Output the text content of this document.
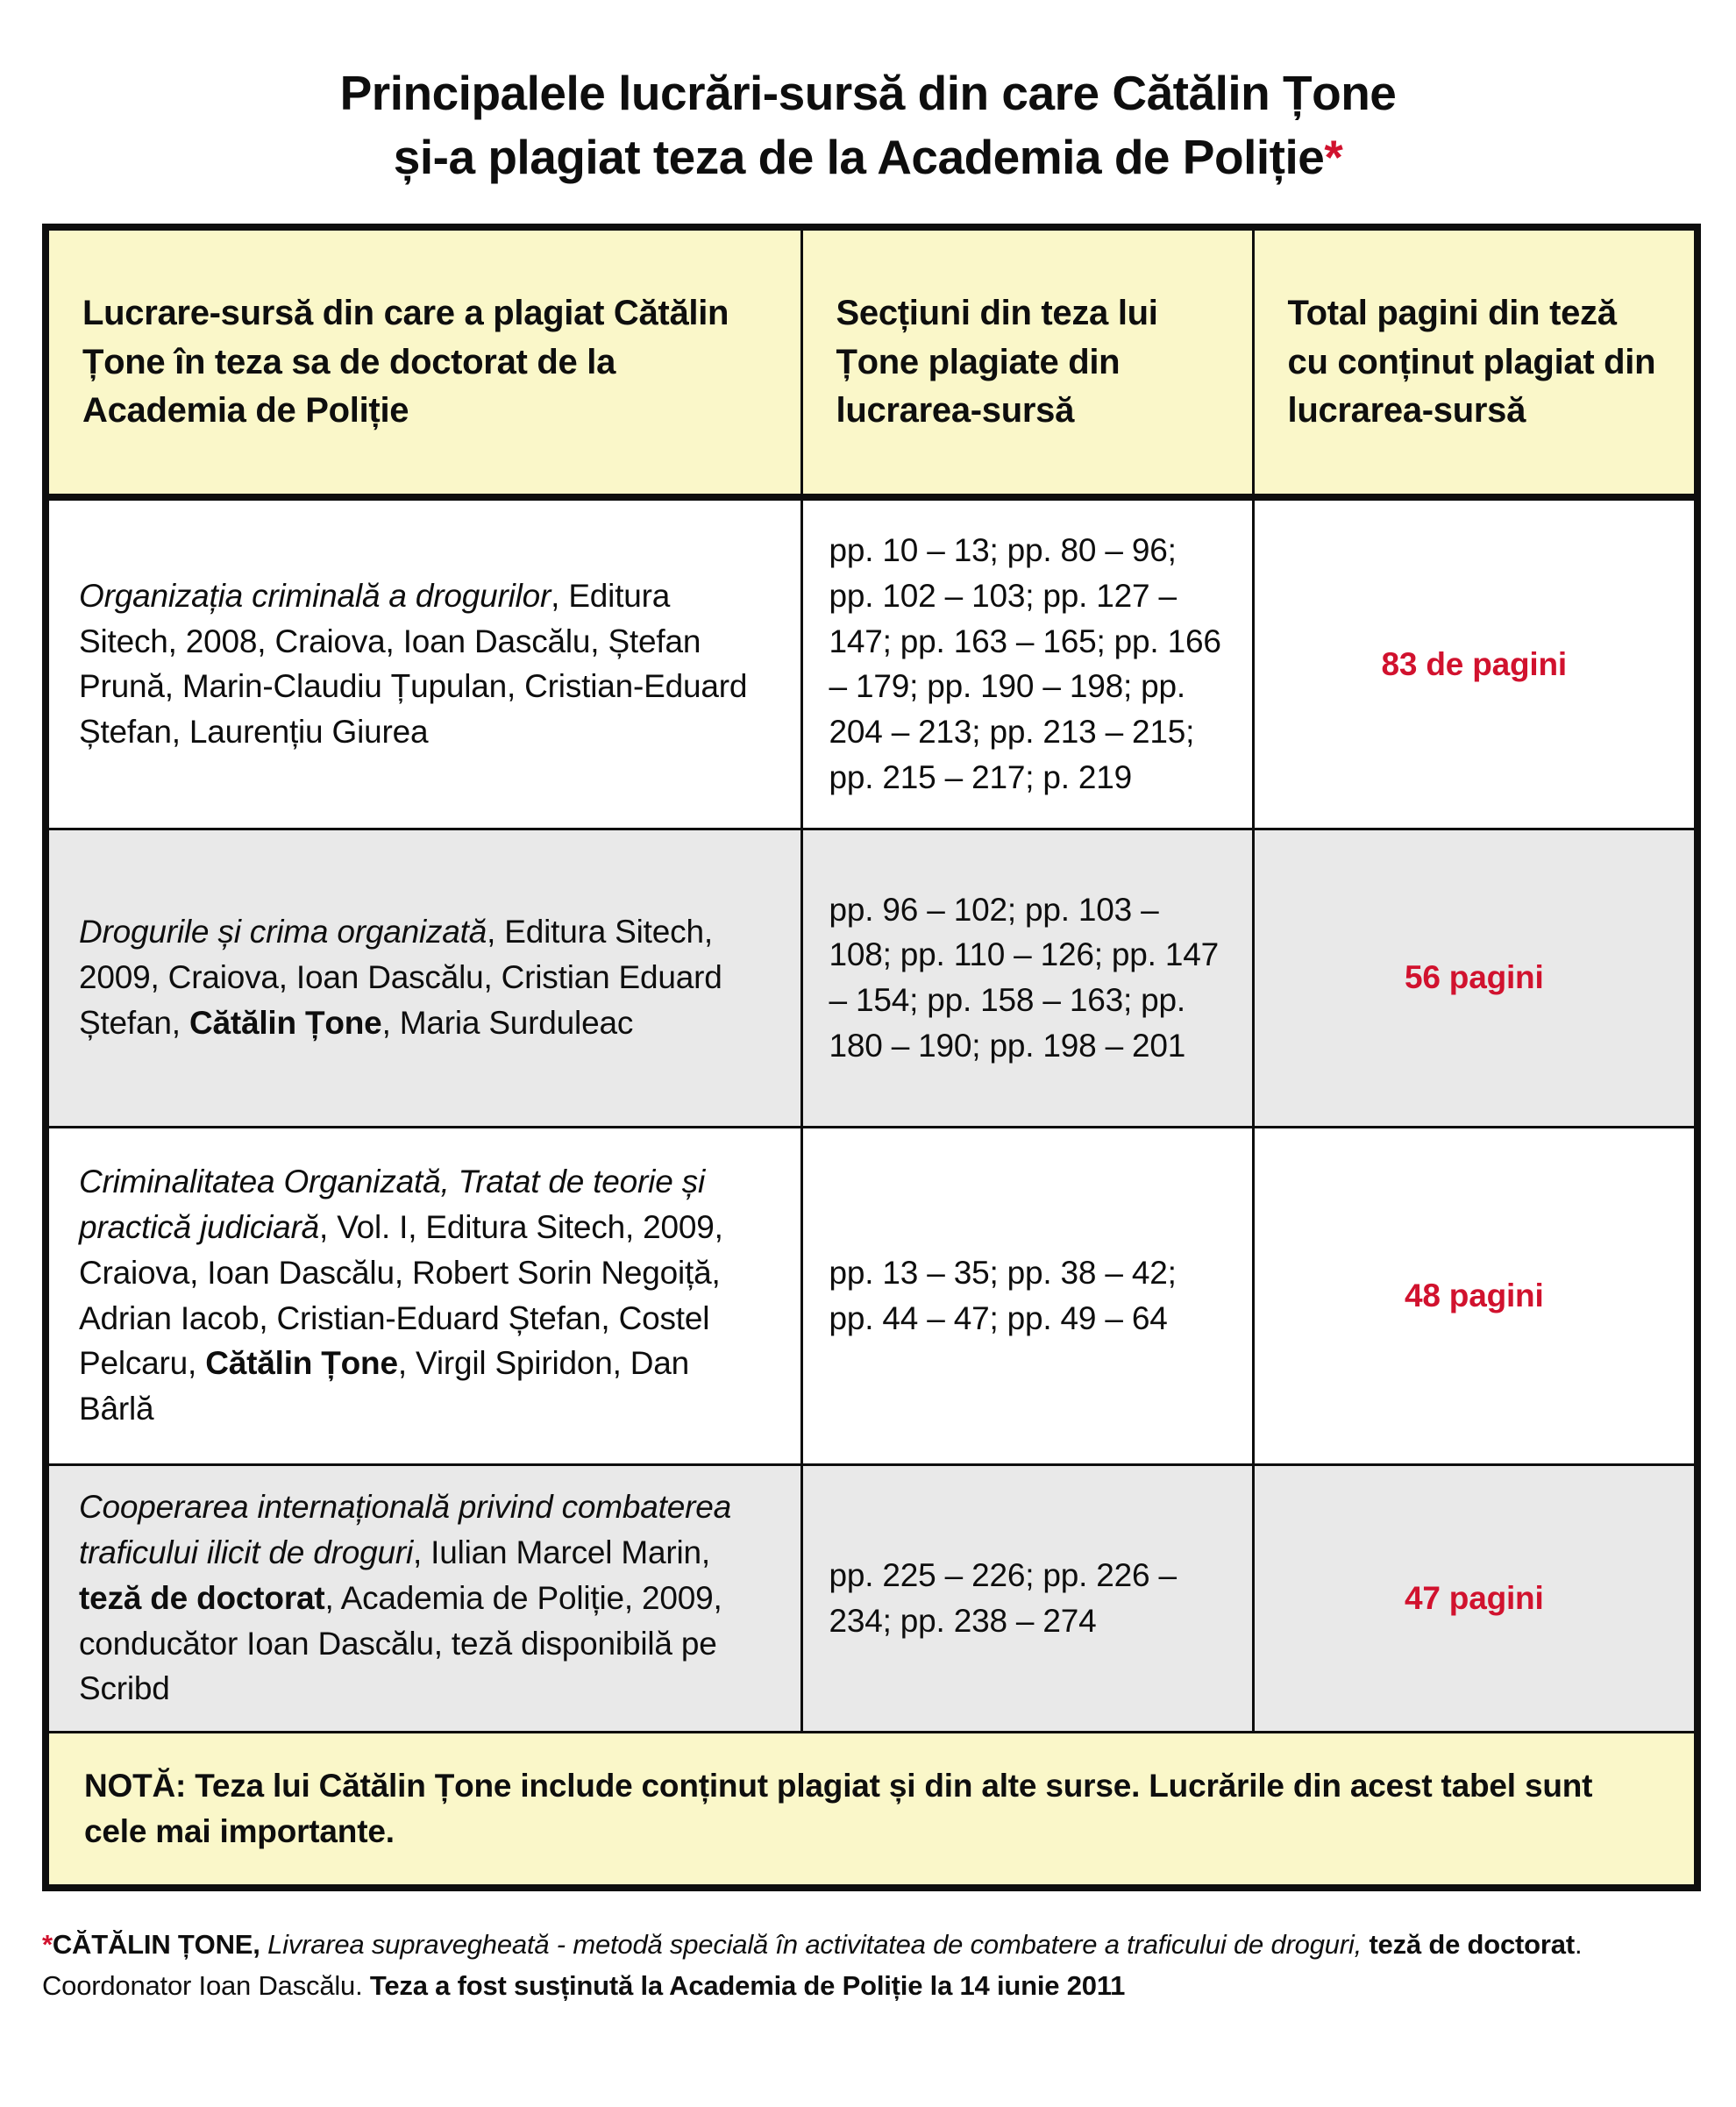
Principalele lucrări-sursă din care Cătălin Țone
și-a plagiat teza de la Academia de Poliție*
Lucrare-sursă din care a plagiat Cătălin Țone în teza sa de doctorat de la Academia de Poliție	Secțiuni din teza lui Țone plagiate din lucrarea-sursă	Total pagini din teză cu conținut plagiat din lucrarea-sursă
Organizația criminală a drogurilor, Editura Sitech, 2008, Craiova, Ioan Dascălu, Ștefan Prună, Marin-Claudiu Țupulan, Cristian-Eduard Ștefan, Laurențiu Giurea	pp. 10 – 13; pp. 80 – 96; pp. 102 – 103; pp. 127 – 147; pp. 163 – 165; pp. 166 – 179; pp. 190 – 198; pp. 204 – 213; pp. 213 – 215; pp. 215 – 217; p. 219	83 de pagini
Drogurile și crima organizată, Editura Sitech, 2009, Craiova, Ioan Dascălu, Cristian Eduard Ștefan, Cătălin Țone, Maria Surduleac	pp. 96 – 102; pp. 103 – 108; pp. 110 – 126; pp. 147 – 154; pp. 158 – 163; pp. 180 – 190; pp. 198 – 201	56 pagini
Criminalitatea Organizată, Tratat de teorie și practică judiciară, Vol. I, Editura Sitech, 2009, Craiova, Ioan Dascălu, Robert Sorin Negoiță, Adrian Iacob, Cristian-Eduard Ștefan, Costel Pelcaru, Cătălin Țone, Virgil Spiridon, Dan Bârlă	pp. 13 – 35; pp. 38 – 42; pp. 44 – 47; pp. 49 – 64	48 pagini
Cooperarea internațională privind combaterea traficului ilicit de droguri, Iulian Marcel Marin, teză de doctorat, Academia de Poliție, 2009, conducător Ioan Dascălu, teză disponibilă pe Scribd	pp. 225 – 226; pp. 226 – 234; pp. 238 – 274	47 pagini
NOTĂ: Teza lui Cătălin Țone include conținut plagiat și din alte surse. Lucrările din acest tabel sunt cele mai importante.		

*CĂTĂLIN ȚONE, Livrarea supravegheată - metodă specială în activitatea de combatere a traficului de droguri, teză de doctorat. Coordonator Ioan Dascălu. Teza a fost susținută la Academia de Poliție la 14 iunie 2011
